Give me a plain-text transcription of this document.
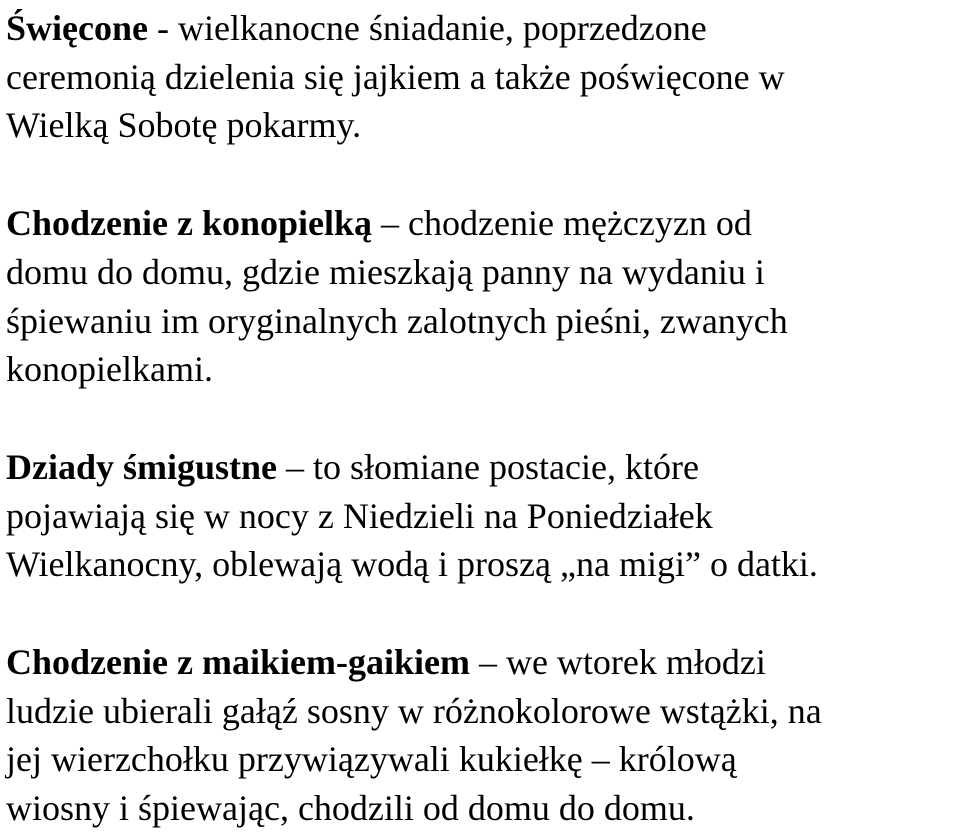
Święcone - wielkanocne śniadanie, poprzedzone
ceremonią dzielenia się jajkiem a także poświęcone w
Wielką Sobotę pokarmy.

Chodzenie z konopielką – chodzenie mężczyzn od
domu do domu, gdzie mieszkają panny na wydaniu i
śpiewaniu im oryginalnych zalotnych pieśni, zwanych
konopielkami.

Dziady śmigustne – to słomiane postacie, które
pojawiają się w nocy z Niedzieli na Poniedziałek
Wielkanocny, oblewają wodą i proszą „na migi” o datki.

Chodzenie z maikiem-gaikiem – we wtorek młodzi
ludzie ubierali gałąź sosny w różnokolorowe wstążki, na
jej wierzchołku przywiązywali kukiełkę – królową
wiosny i śpiewając, chodzili od domu do domu.
